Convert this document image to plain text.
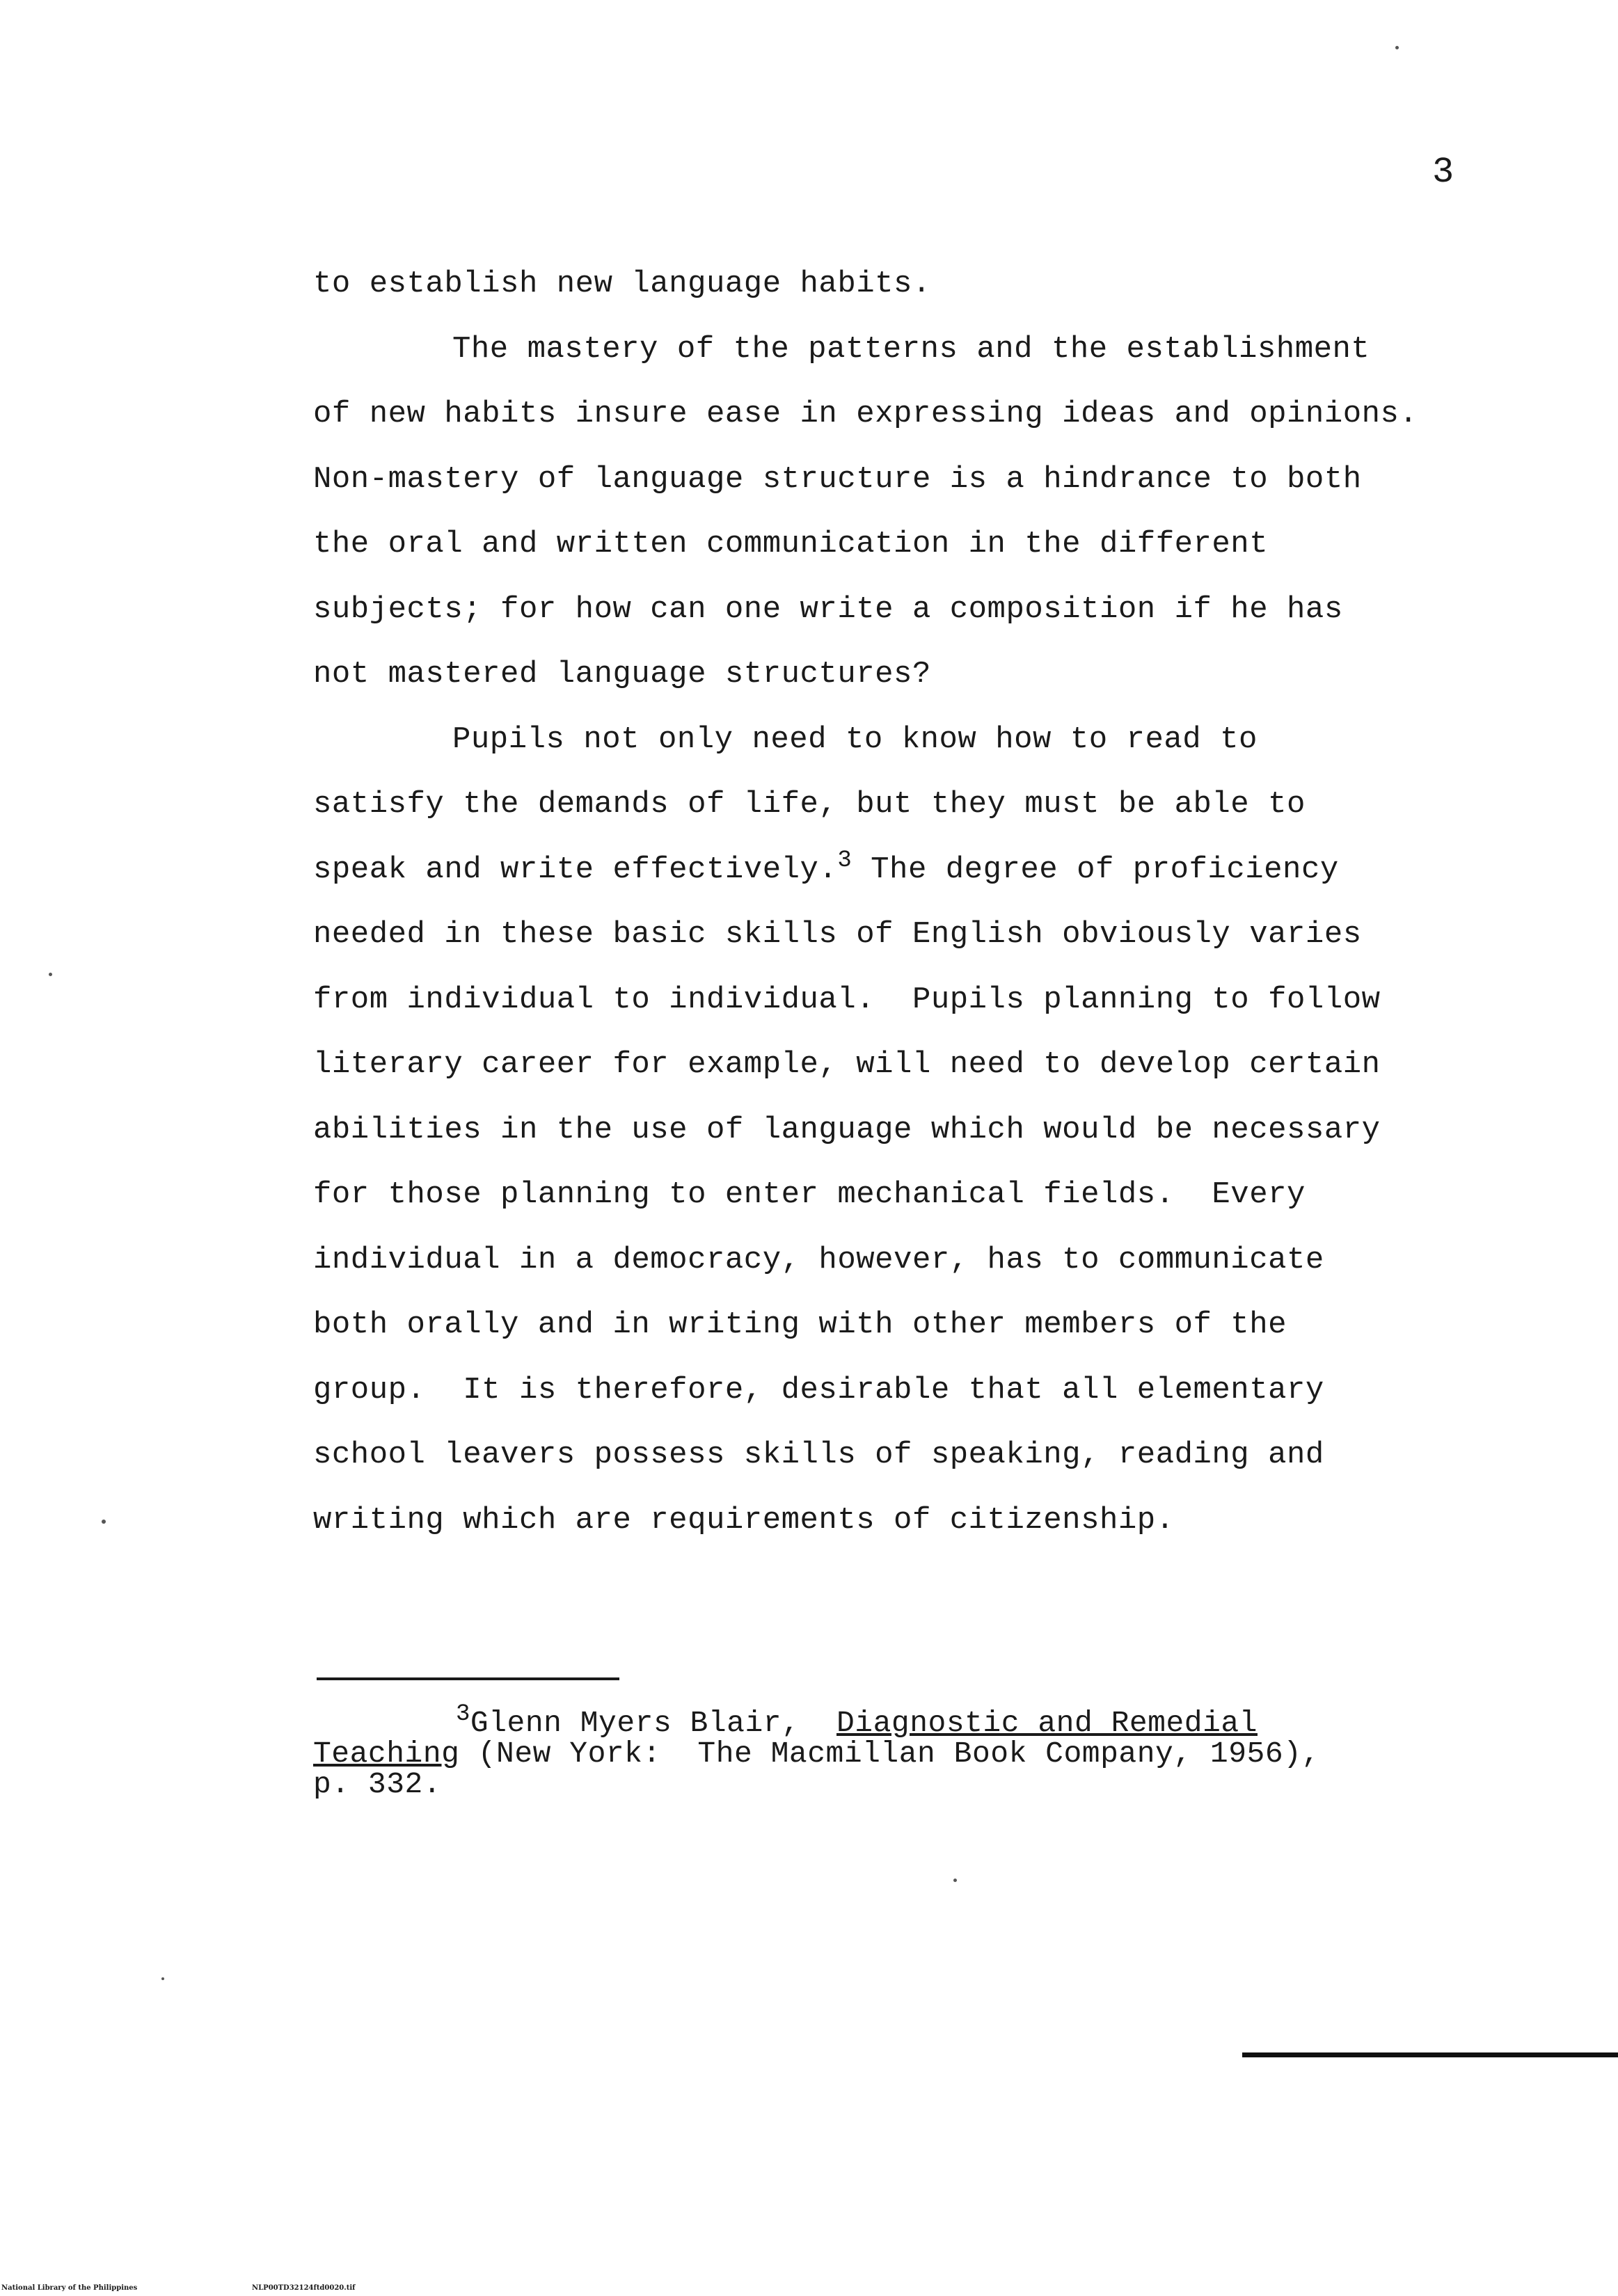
3
to establish new language habits.
The mastery of the patterns and the establishment
of new habits insure ease in expressing ideas and opinions.
Non-mastery of language structure is a hindrance to both
the oral and written communication in the different
subjects; for how can one write a composition if he has
not mastered language structures?
Pupils not only need to know how to read to
satisfy the demands of life, but they must be able to
speak and write effectively.$^3$ The degree of proficiency
needed in these basic skills of English obviously varies
from individual to individual.  Pupils planning to follow
literary career for example, will need to develop certain
abilities in the use of language which would be necessary
for those planning to enter mechanical fields.  Every
individual in a democracy, however, has to communicate
both orally and in writing with other members of the
group.  It is therefore, desirable that all elementary
school leavers possess skills of speaking, reading and
writing which are requirements of citizenship.
$^3$Glenn Myers Blair,  Diagnostic and Remedial
Teaching (New York:  The Macmillan Book Company, 1956),
p. 332.
National Library of the Philippines	NLP00TD32124ftd0020.tif
